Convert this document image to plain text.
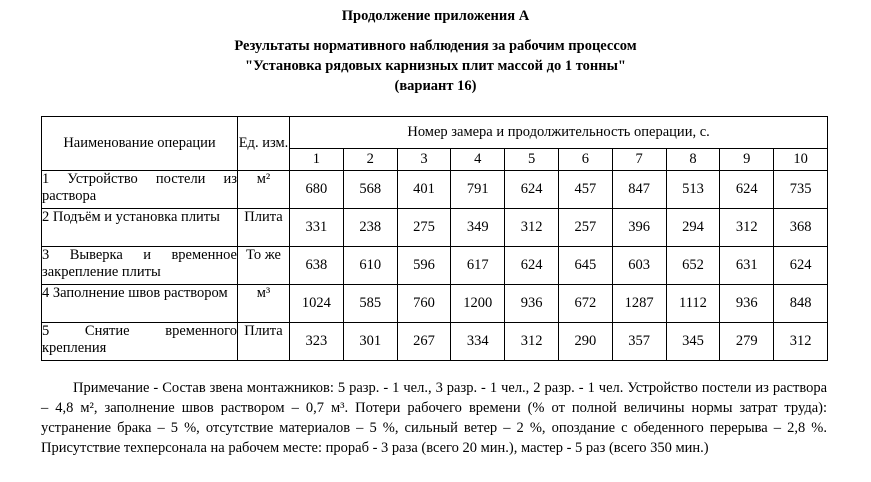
Продолжение приложения А
Результаты нормативного наблюдения за рабочим процессом
"Установка рядовых карнизных плит массой до 1 тонны"
(вариант 16)
Наименование операции	Ед. изм.	Номер замера и продолжительность операции, с.									
		1	2	3	4	5	6	7	8	9	10
1 Устройство постели из раствора	м²	680	568	401	791	624	457	847	513	624	735
2 Подъём и установка плиты	Плита	331	238	275	349	312	257	396	294	312	368
3 Выверка и временное закрепление плиты	То же	638	610	596	617	624	645	603	652	631	624
4 Заполнение швов раствором	м³	1024	585	760	1200	936	672	1287	1112	936	848
5 Снятие временного крепления	Плита	323	301	267	334	312	290	357	345	279	312

Примечание - Состав звена монтажников: 5 разр. - 1 чел., 3 разр. - 1 чел., 2 разр. - 1 чел. Устройство постели из раствора – 4,8 м², заполнение швов раствором – 0,7 м³. Потери рабочего времени (% от полной величины нормы затрат труда): устранение брака – 5 %, отсутствие материалов – 5 %, сильный ветер – 2 %, опоздание с обеденного перерыва – 2,8 %. Присутствие техперсонала на рабочем месте: прораб - 3 раза (всего 20 мин.), мастер - 5 раз (всего 350 мин.)
